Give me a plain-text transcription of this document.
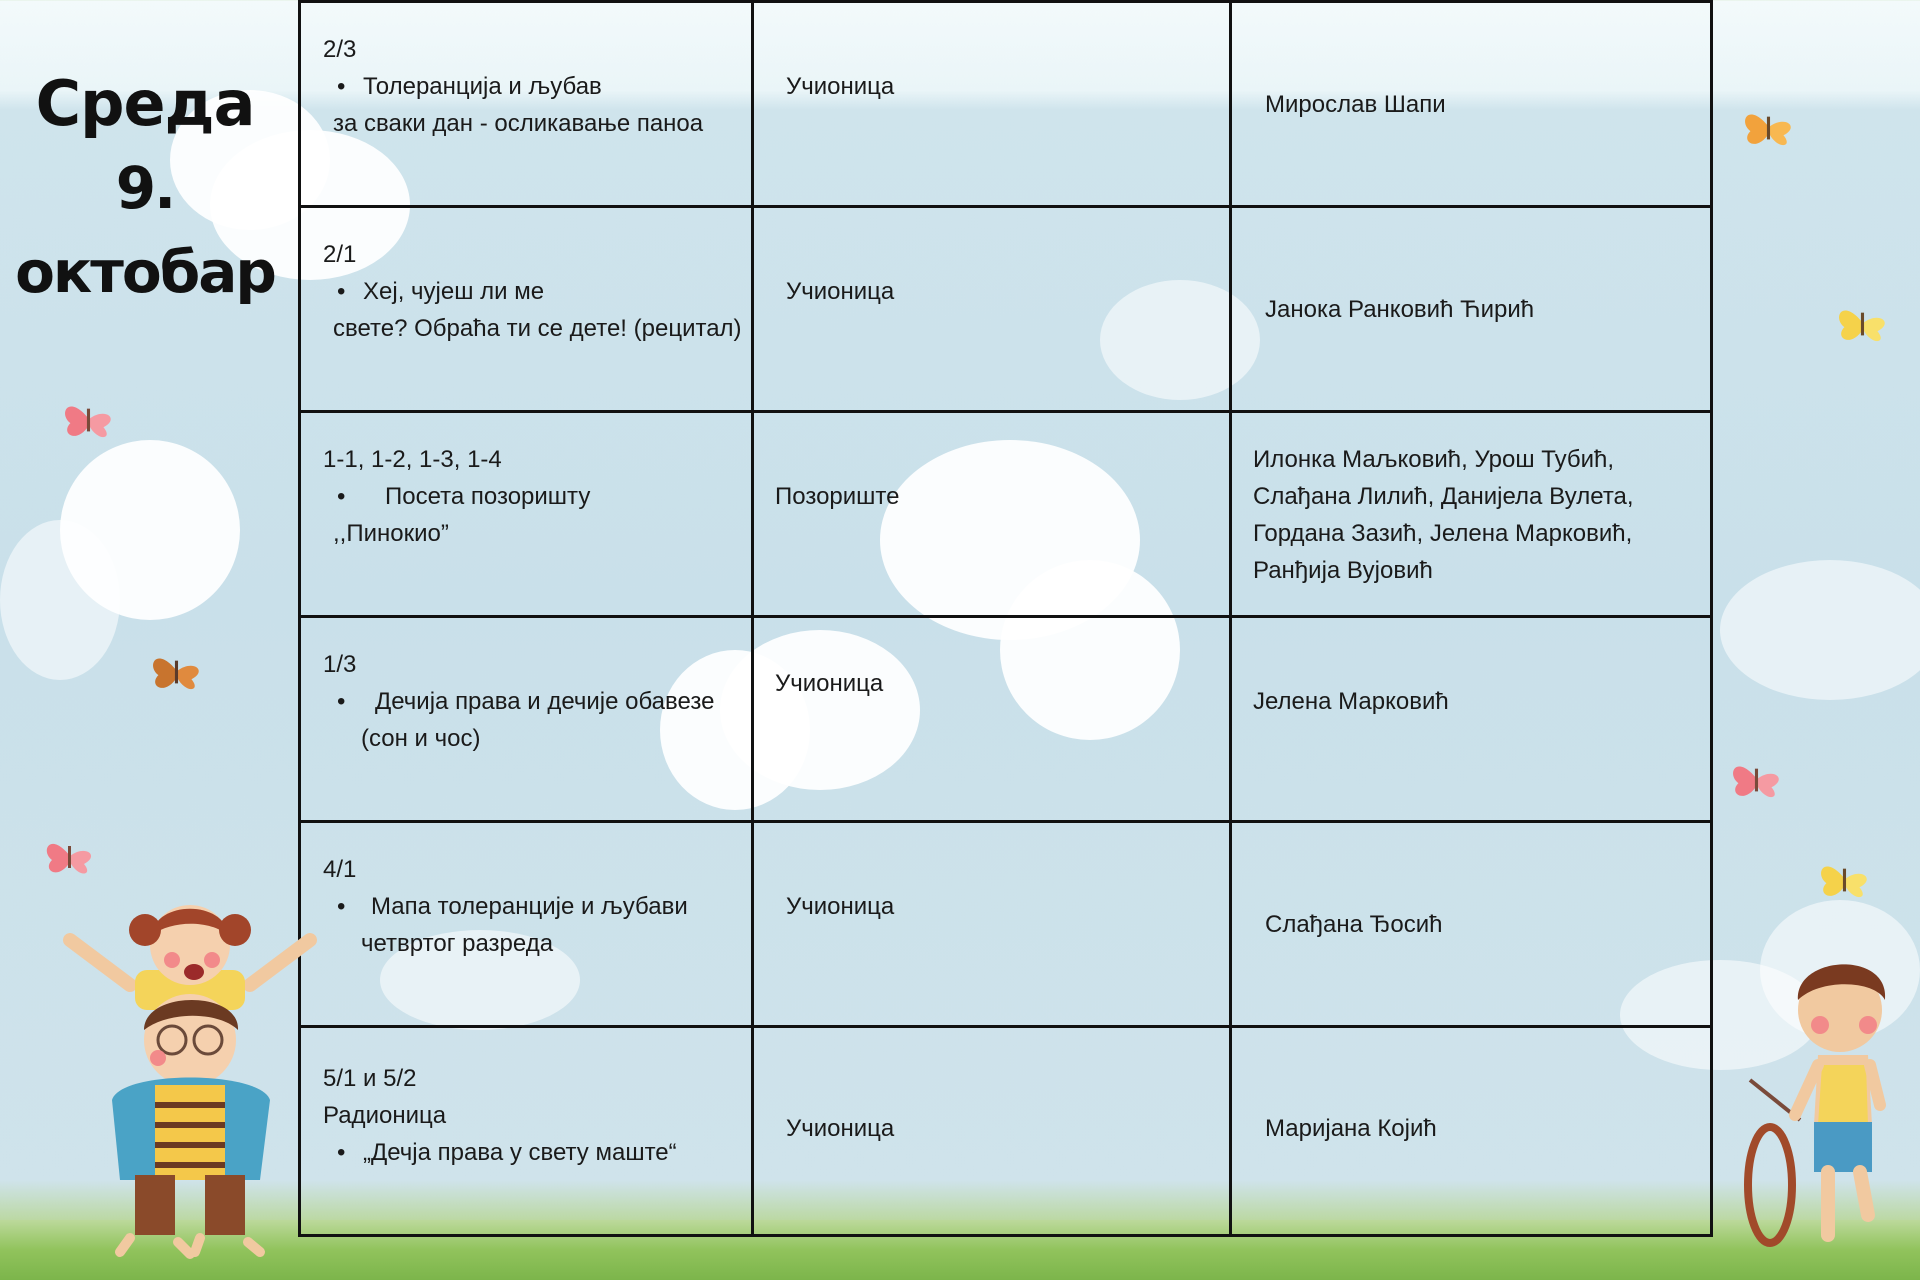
Среда
9. oктобар
2/3
• Толеранција и љубав
за сваки дан - осликавање паноа	Учионица	Мирослав Шапи

2/1
• Хеј, чујеш ли ме
свете? Обраћа ти се дете! (рецитал)	Учионица	Јанока Ранковић Ћирић

1-1, 1-2, 1-3, 1-4
• Посета позоришту
,,Пинокио”	Позориште	Илонка Маљковић, Урош Тубић,
Слађана Лилић, Данијела Вулета,
Гордана Зазић, Јелена Марковић,
Ранђија Вујовић

1/3
• Дечија права и дечије обавезе
(сон и чос)	Учионица	Јелена Марковић

4/1
• Мапа толеранције и љубави
четвртог разреда	Учионица	Слађана Ђосић

5/1 и 5/2
Радионица
• „Дечја права у свету маште“	Учионица	Маријана Којић
